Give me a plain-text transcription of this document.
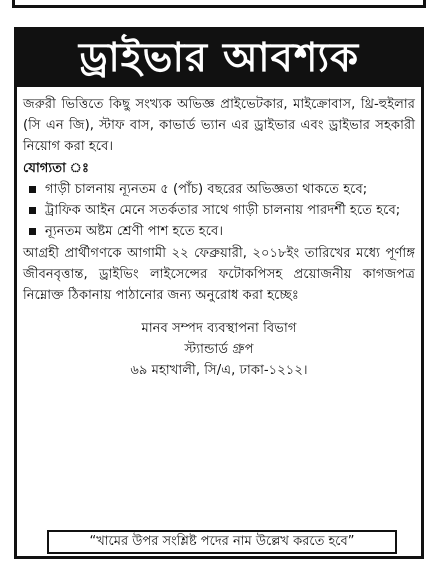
ড্রাইভার আবশ্যক

জরুরী ভিত্তিতে কিছু সংখ্যক অভিজ্ঞ প্রাইভেটকার, মাইক্রোবাস, থ্রি-হুইলার (সি এন জি), স্টাফ বাস, কাভার্ড ভ্যান এর ড্রাইভার এবং ড্রাইভার সহকারী নিয়োগ করা হবে।

যোগ্যতা ঃ
গাড়ী চালনায় ন্যূনতম ৫ (পাঁচ) বছরের অভিজ্ঞতা থাকতে হবে;
ট্রাফিক আইন মেনে সতর্কতার সাথে গাড়ী চালনায় পারদর্শী হতে হবে;
ন্যূনতম অষ্টম শ্রেণী পাশ হতে হবে।

আগ্রহী প্রার্থীগণকে আগামী ২২ ফেব্রুয়ারী, ২০১৮ইং তারিখের মধ্যে পূর্ণাঙ্গ জীবনবৃত্তান্ত, ড্রাইভিং লাইসেন্সের ফটোকপিসহ প্রয়োজনীয় কাগজপত্র নিম্নোক্ত ঠিকানায় পাঠানোর জন্য অনুরোধ করা হচ্ছেঃ

মানব সম্পদ ব্যবস্থাপনা বিভাগ
স্ট্যান্ডার্ড গ্রুপ
৬৯ মহাখালী, সি/এ, ঢাকা-১২১২।
“খামের উপর সংশ্লিষ্ট পদের নাম উল্লেখ করতে হবে”
